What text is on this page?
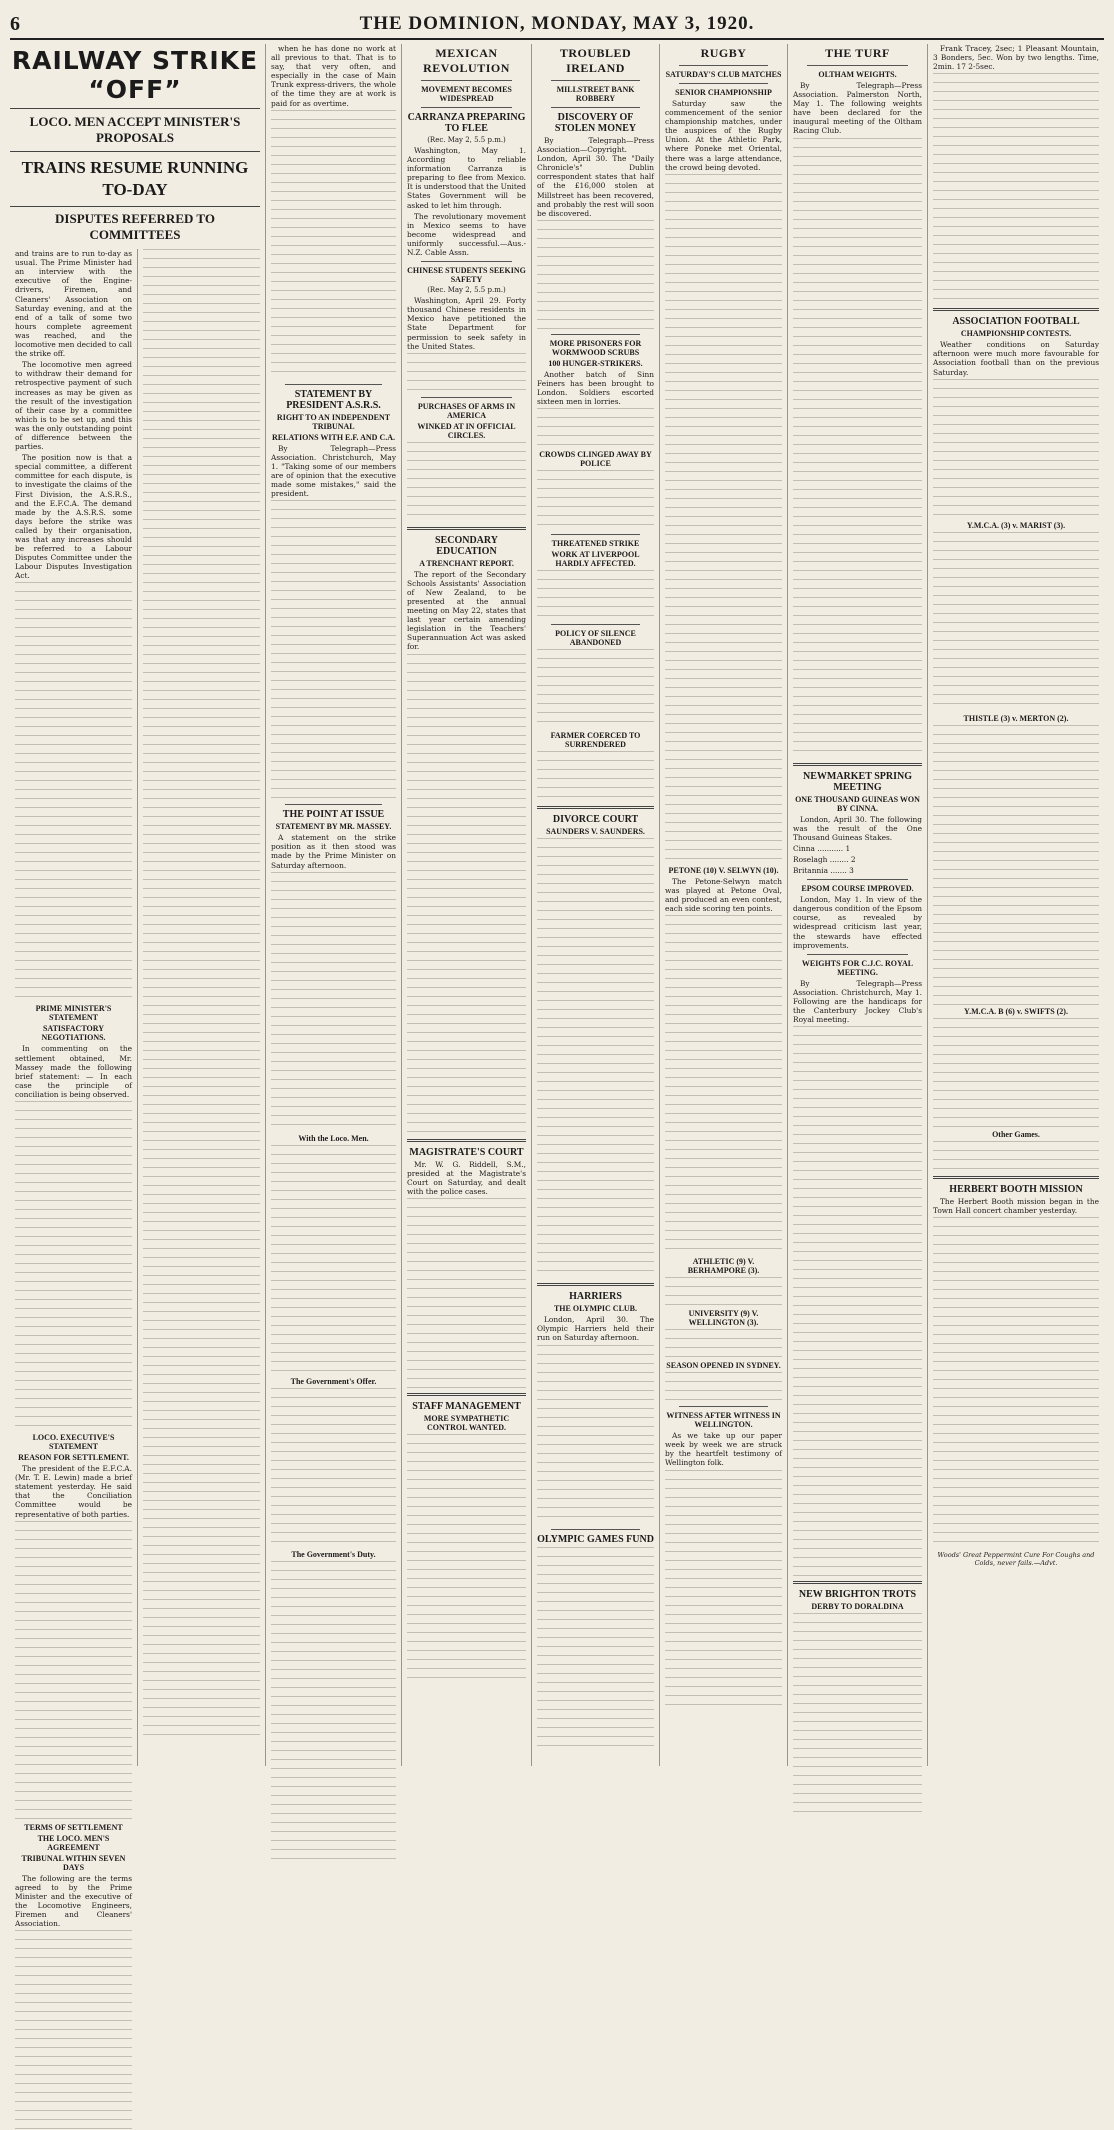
6	THE DOMINION, MONDAY, MAY 3, 1920.
RAILWAY STRIKE “OFF”
LOCO. MEN ACCEPT MINISTER'S PROPOSALS
TRAINS RESUME RUNNING
TO-DAY
DISPUTES REFERRED TO COMMITTEES

and trains are to run to-day as usual. The Prime Minister had an interview with the executive of the Engine-drivers, Firemen, and Cleaners' Association on Saturday evening, and at the end of a talk of some two hours complete agreement was reached, and the locomotive men decided to call the strike off.

The locomotive men agreed to withdraw their demand for retrospective payment of such increases as may be given as the result of the investigation of their case by a committee which is to be set up, and this was the only outstanding point of difference between the parties.

The position now is that a special committee, a different committee for each dispute, is to investigate the claims of the First Division, the A.S.R.S., and the E.F.C.A. The demand made by the A.S.R.S. some days before the strike was called by their organisation, was that any increases should be referred to a Labour Disputes Committee under the Labour Disputes Investigation Act.

PRIME MINISTER'S STATEMENT
SATISFACTORY NEGOTIATIONS.

In commenting on the settlement obtained, Mr. Massey made the following brief statement: — In each case the principle of conciliation is being observed.

LOCO. EXECUTIVE'S STATEMENT
REASON FOR SETTLEMENT.

The president of the E.F.C.A. (Mr. T. E. Lewin) made a brief statement yesterday. He said that the Conciliation Committee would be representative of both parties.

TERMS OF SETTLEMENT
THE LOCO. MEN'S AGREEMENT
TRIBUNAL WITHIN SEVEN DAYS

The following are the terms agreed to by the Prime Minister and the executive of the Locomotive Engineers, Firemen and Cleaners' Association.

when he has done no work at all previous to that. That is to say, that very often, and especially in the case of Main Trunk express-drivers, the whole of the time they are at work is paid for as overtime.

STATEMENT BY PRESIDENT A.S.R.S.
RIGHT TO AN INDEPENDENT TRIBUNAL
RELATIONS WITH E.F. AND C.A.

By Telegraph—Press Association. Christchurch, May 1. "Taking some of our members are of opinion that the executive made some mistakes," said the president.

THE POINT AT ISSUE
STATEMENT BY MR. MASSEY.

A statement on the strike position as it then stood was made by the Prime Minister on Saturday afternoon.

With the Loco. Men.
The Government's Offer.
The Government's Duty.
MEXICAN REVOLUTION
MOVEMENT BECOMES WIDESPREAD
CARRANZA PREPARING TO FLEE
(Rec. May 2, 5.5 p.m.)

Washington, May 1. According to reliable information Carranza is preparing to flee from Mexico. It is understood that the United States Government will be asked to let him through.

The revolutionary movement in Mexico seems to have become widespread and uniformly successful.—Aus.-N.Z. Cable Assn.

CHINESE STUDENTS SEEKING SAFETY
(Rec. May 2, 5.5 p.m.)

Washington, April 29. Forty thousand Chinese residents in Mexico have petitioned the State Department for permission to seek safety in the United States.

PURCHASES OF ARMS IN AMERICA
WINKED AT IN OFFICIAL CIRCLES.
SECONDARY EDUCATION
A TRENCHANT REPORT.

The report of the Secondary Schools Assistants' Association of New Zealand, to be presented at the annual meeting on May 22, states that last year certain amending legislation in the Teachers' Superannuation Act was asked for.

MAGISTRATE'S COURT

Mr. W. G. Riddell, S.M., presided at the Magistrate's Court on Saturday, and dealt with the police cases.

STAFF MANAGEMENT
MORE SYMPATHETIC CONTROL WANTED.
TROUBLED IRELAND
MILLSTREET BANK ROBBERY
DISCOVERY OF STOLEN MONEY

By Telegraph—Press Association—Copyright. London, April 30. The "Daily Chronicle's" Dublin correspondent states that half of the £16,000 stolen at Millstreet has been recovered, and probably the rest will soon be discovered.

MORE PRISONERS FOR WORMWOOD SCRUBS
100 HUNGER-STRIKERS.

Another batch of Sinn Feiners has been brought to London. Soldiers escorted sixteen men in lorries.

CROWDS CLINGED AWAY BY POLICE
THREATENED STRIKE
WORK AT LIVERPOOL HARDLY AFFECTED.
POLICY OF SILENCE ABANDONED
FARMER COERCED TO SURRENDERED
DIVORCE COURT
SAUNDERS V. SAUNDERS.
HARRIERS
THE OLYMPIC CLUB.

London, April 30. The Olympic Harriers held their run on Saturday afternoon.

OLYMPIC GAMES FUND
RUGBY
SATURDAY'S CLUB MATCHES
SENIOR CHAMPIONSHIP

Saturday saw the commencement of the senior championship matches, under the auspices of the Rugby Union. At the Athletic Park, where Poneke met Oriental, there was a large attendance, the crowd being devoted.

PETONE (10) V. SELWYN (10).

The Petone-Selwyn match was played at Petone Oval, and produced an even contest, each side scoring ten points.

ATHLETIC (9) V. BERHAMPORE (3).
UNIVERSITY (9) V. WELLINGTON (3).
SEASON OPENED IN SYDNEY.
WITNESS AFTER WITNESS IN WELLINGTON.

As we take up our paper week by week we are struck by the heartfelt testimony of Wellington folk.

THE TURF
OLTHAM WEIGHTS.

By Telegraph—Press Association. Palmerston North, May 1. The following weights have been declared for the inaugural meeting of the Oltham Racing Club.

NEWMARKET SPRING MEETING
ONE THOUSAND GUINEAS WON BY CINNA.

London, April 30. The following was the result of the One Thousand Guineas Stakes.

Cinna ........... 1

Roselagh ........ 2

Britannia ....... 3

EPSOM COURSE IMPROVED.

London, May 1. In view of the dangerous condition of the Epsom course, as revealed by widespread criticism last year, the stewards have effected improvements.

WEIGHTS FOR C.J.C. ROYAL MEETING.

By Telegraph—Press Association. Christchurch, May 1. Following are the handicaps for the Canterbury Jockey Club's Royal meeting.

NEW BRIGHTON TROTS
DERBY TO DORALDINA

Frank Tracey, 2sec; 1 Pleasant Mountain, 3 Bonders, 5ec. Won by two lengths. Time, 2min. 17 2-5sec.

ASSOCIATION FOOTBALL
CHAMPIONSHIP CONTESTS.

Weather conditions on Saturday afternoon were much more favourable for Association football than on the previous Saturday.

Y.M.C.A. (3) v. MARIST (3).
THISTLE (3) v. MERTON (2).
Y.M.C.A. B (6) v. SWIFTS (2).
Other Games.
HERBERT BOOTH MISSION

The Herbert Booth mission began in the Town Hall concert chamber yesterday.

Woods' Great Peppermint Cure For Coughs and Colds, never fails.—Advt.
